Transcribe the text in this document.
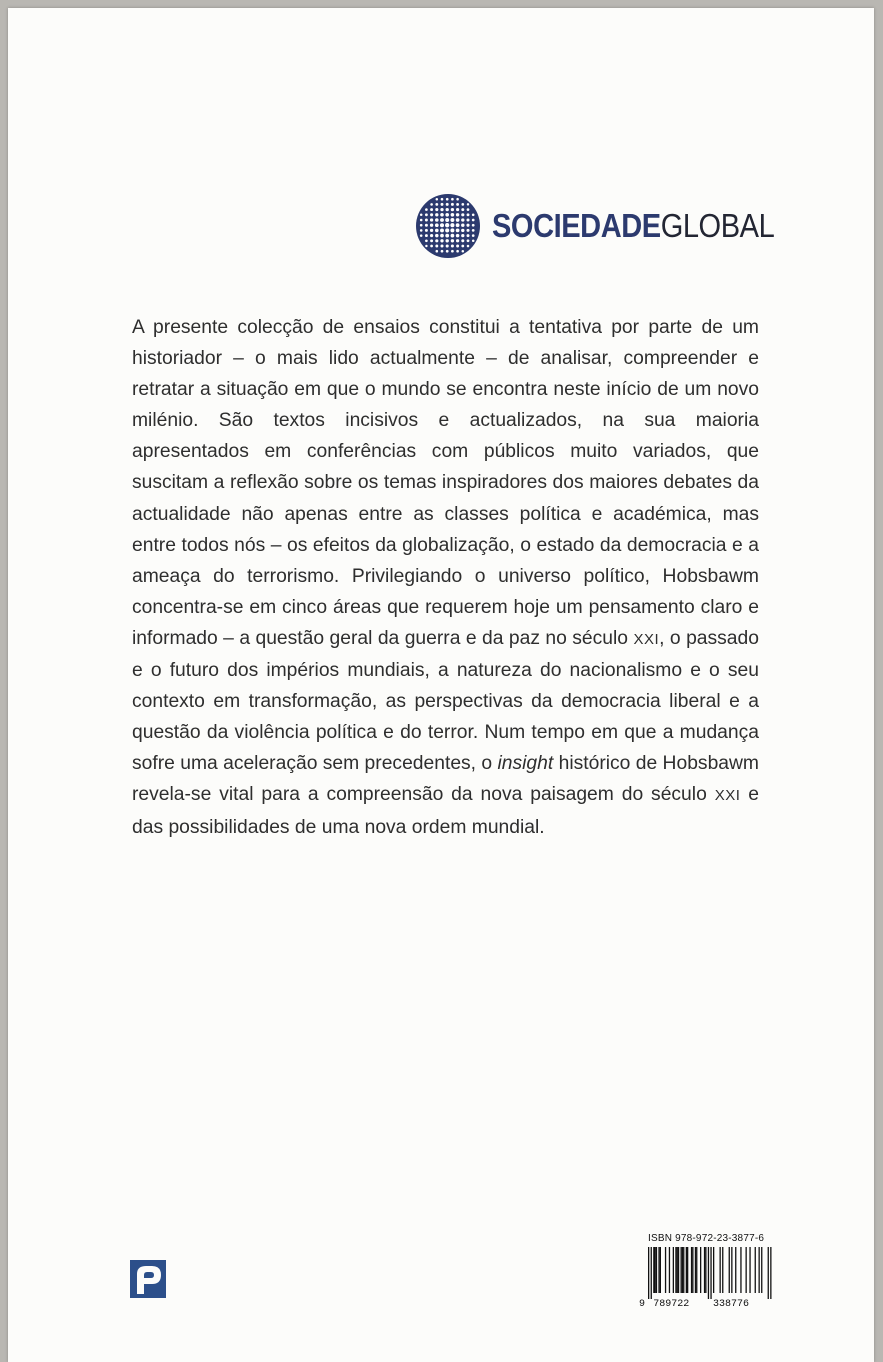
SOCIEDADEGLOBAL

A presente colecção de ensaios constitui a tentativa por parte de um historiador – o mais lido actualmente – de analisar, compreender e retratar a situação em que o mundo se encontra neste início de um novo milénio. São textos incisivos e actualizados, na sua maioria apresentados em conferências com públicos muito variados, que suscitam a reflexão sobre os temas inspiradores dos maiores debates da actualidade não apenas entre as classes política e académica, mas entre todos nós – os efeitos da globalização, o estado da democracia e a ameaça do terrorismo. Privilegiando o universo político, Hobsbawm concentra-se em cinco áreas que requerem hoje um pensamento claro e informado – a questão geral da guerra e da paz no século XXI, o passado e o futuro dos impérios mundiais, a natureza do nacionalismo e o seu contexto em transformação, as perspectivas da democracia liberal e a questão da violência política e do terror. Num tempo em que a mudança sofre uma aceleração sem precedentes, o insight histórico de Hobsbawm revela-se vital para a compreensão da nova paisagem do século XXI e das possibilidades de uma nova ordem mundial.

ISBN 978-972-23-3877-6
9 789722 338776
